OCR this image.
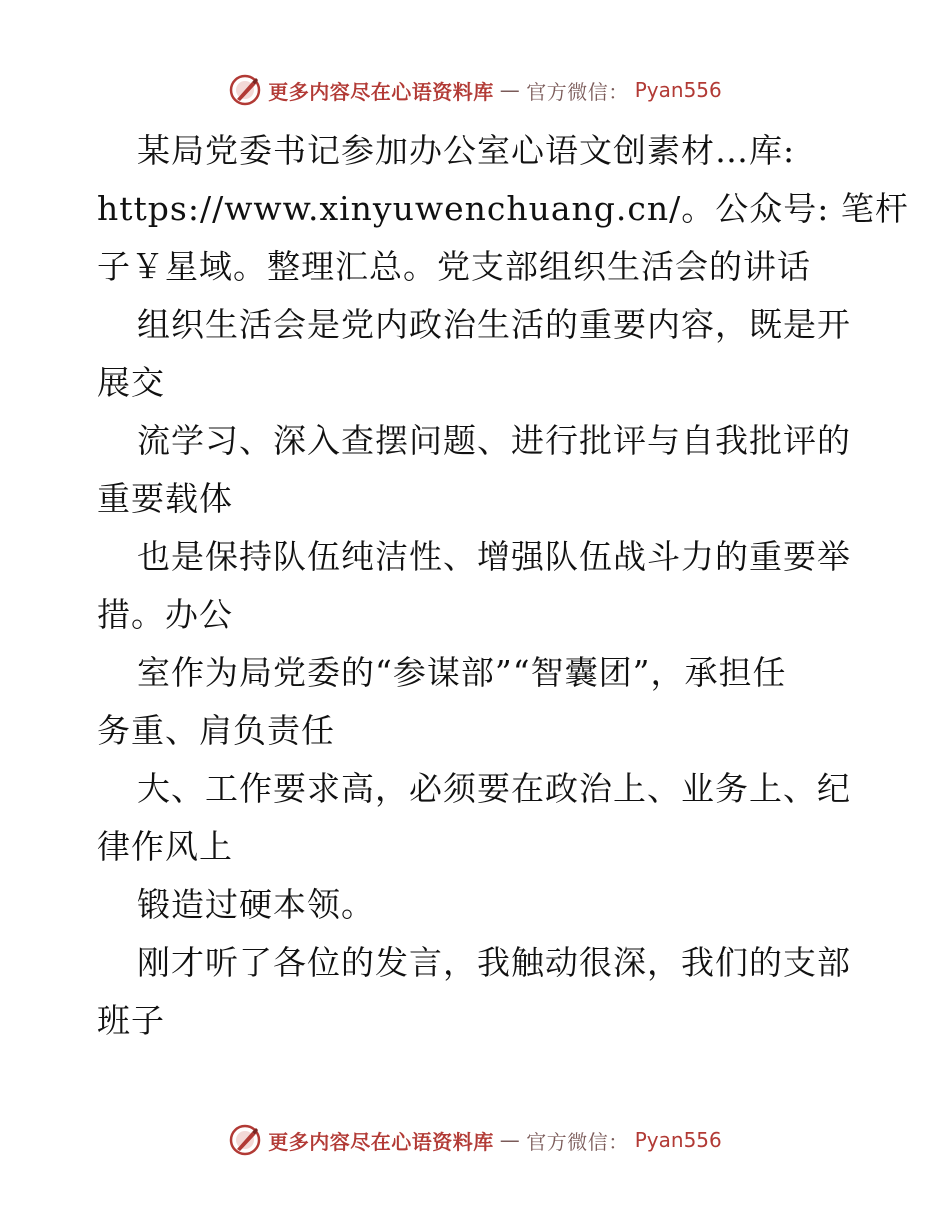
更多内容尽在心语资料库 — 官方微信： Pyan556
某局党委书记参加办公室心语文创素材…库:
https://www.xinyuwenchuang.cn/。公众号: 笔杆
子￥星域。整理汇总。党支部组织生活会的讲话
组织生活会是党内政治生活的重要内容，既是开
展交
流学习、深入查摆问题、进行批评与自我批评的
重要载体
也是保持队伍纯洁性、增强队伍战斗力的重要举
措。办公
室作为局党委的“参谋部”“智囊团”，承担任
务重、肩负责任
大、工作要求高，必须要在政治上、业务上、纪
律作风上
锻造过硬本领。
刚才听了各位的发言，我触动很深，我们的支部
班子
更多内容尽在心语资料库 — 官方微信： Pyan556
